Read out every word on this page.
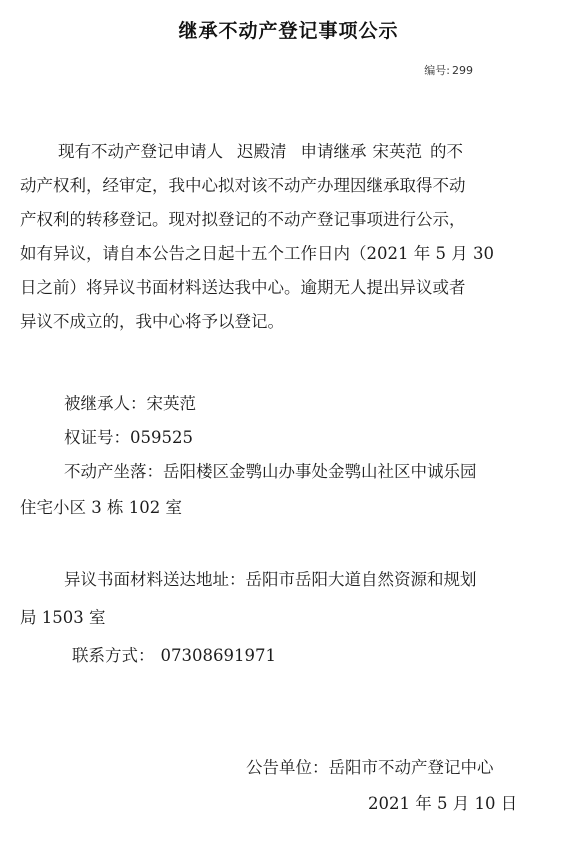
继承不动产登记事项公示
编号: 299
现有不动产登记申请人 迟殿清 申请继承 宋英范 的不
动产权利，经审定，我中心拟对该不动产办理因继承取得不动
产权利的转移登记。现对拟登记的不动产登记事项进行公示，
如有异议，请自本公告之日起十五个工作日内（2021 年 5 月 30
日之前）将异议书面材料送达我中心。逾期无人提出异议或者
异议不成立的，我中心将予以登记。
被继承人：宋英范
权证号：059525
不动产坐落：岳阳楼区金鹗山办事处金鹗山社区中诚乐园
住宅小区 3 栋 102 室
异议书面材料送达地址：岳阳市岳阳大道自然资源和规划
局 1503 室
联系方式： 07308691971
公告单位：岳阳市不动产登记中心
2021 年 5 月 10 日
